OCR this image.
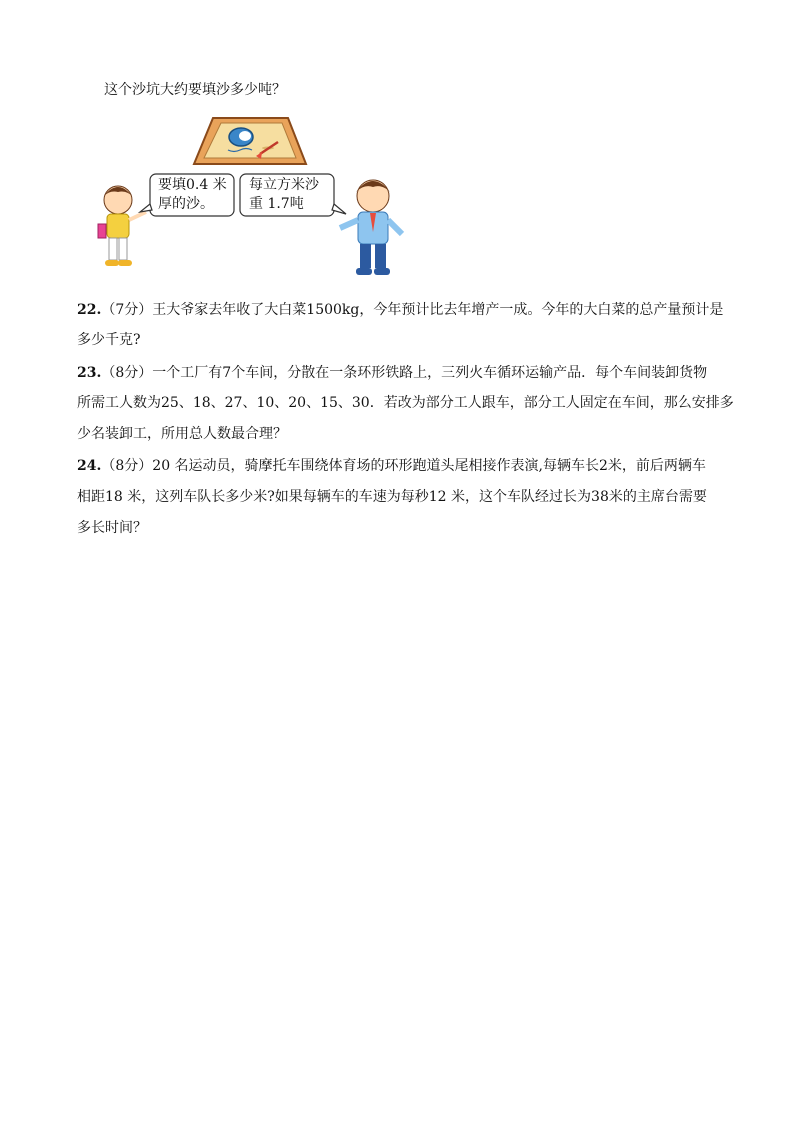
这个沙坑大约要填沙多少吨？
要填0.4 米
厚的沙。
每立方米沙
重 1.7吨
22.（7分）王大爷家去年收了大白菜1500kg，今年预计比去年增产一成。今年的大白菜的总产量预计是
多少千克?
23.（8分）一个工厂有7个车间，分散在一条环形铁路上，三列火车循环运输产品．每个车间装卸货物
所需工人数为25、18、27、10、20、15、30．若改为部分工人跟车，部分工人固定在车间，那么安排多
少名装卸工，所用总人数最合理？
24.（8分）20 名运动员，骑摩托车围绕体育场的环形跑道头尾相接作表演,每辆车长2米，前后两辆车
相距18 米，这列车队长多少米?如果每辆车的车速为每秒12 米，这个车队经过长为38米的主席台需要
多长时间？
